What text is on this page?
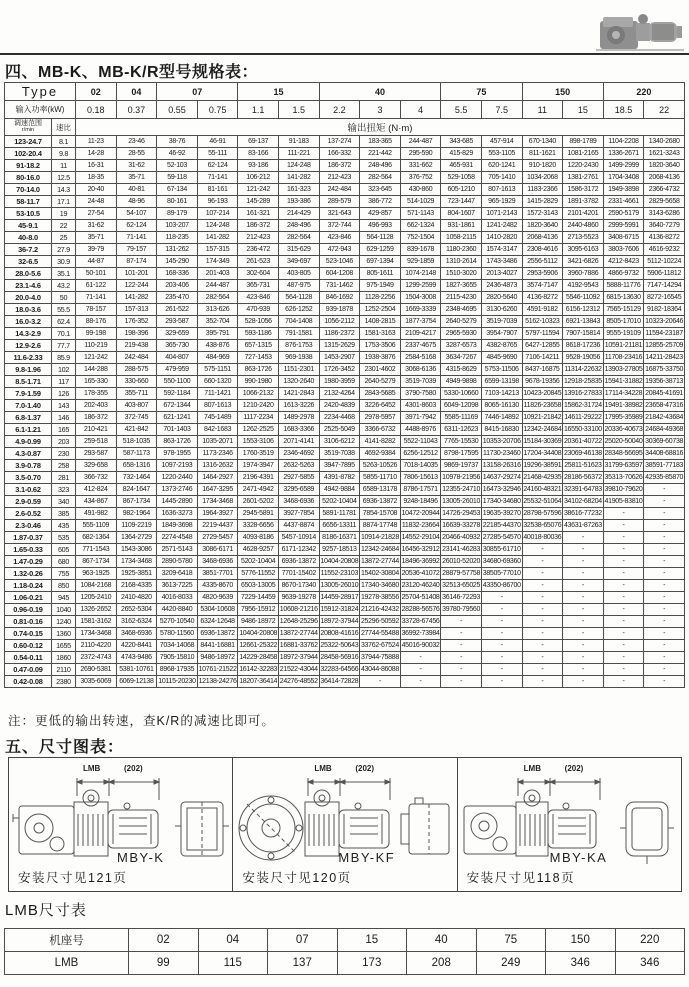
四、MB-K、MB-K/R型号规格表：
Type		02	04	07		15		40			75		150		220	
输入功率(kW)		0.18	0.37	0.55	0.75	1.1	1.5	2.2	3	4	5.5	7.5	11	15	18.5	22

调速范围
r/min	速比	输出扭矩 (N·m)														
123-24.7	8.1	11-23	23-46	38-76	46-91	69-137	91-183	137-274	183-365	244-487	343-685	457-914	670-1340	898-1789	1104-2208	1340-2680
102-20.4	9.8	14-28	28-55	46-92	55-111	83-166	111-221	166-332	221-442	295-590	415-829	553-1105	811-1621	1081-2165	1336-2671	1621-3243
91-18.2	11	16-31	31-62	52-103	62-124	93-186	124-248	186-372	248-496	331-662	465-931	620-1241	910-1820	1220-2430	1499-2999	1820-3640
80-16.0	12.5	18-35	35-71	59-118	71-141	106-212	141-282	212-423	282-564	376-752	529-1058	705-1410	1034-2068	1381-2761	1704-3408	2068-4136
70-14.0	14.3	20-40	40-81	67-134	81-161	121-242	161-323	242-484	323-645	430-860	605-1210	807-1613	1183-2366	1586-3172	1949-3898	2366-4732
58-11.7	17.1	24-48	48-96	80-161	96-193	145-289	193-386	289-579	386-772	514-1029	723-1447	965-1929	1415-2829	1891-3782	2331-4661	2829-5658
53-10.5	19	27-54	54-107	89-179	107-214	161-321	214-429	321-643	429-857	571-1143	804-1607	1071-2143	1572-3143	2101-4201	2590-5179	3143-6286
45-9.1	22	31-62	62-124	103-207	124-248	186-372	248-496	372-744	496-993	662-1324	931-1861	1241-2482	1820-3640	2440-4860	2999-5991	3640-7279
40-8.0	25	35-71	71-141	118-235	141-282	212-423	282-564	423-846	564-1128	752-1504	1058-2115	1410-2820	2068-4136	2713-5523	3408-6715	4136-8272
36-7.2	27.9	39-79	79-157	131-262	157-315	236-472	315-629	472-943	629-1259	839-1678	1180-2360	1574-3147	2308-4616	3095-6163	3803-7606	4616-9232
32-6.5	30.9	44-87	87-174	145-290	174-349	261-523	349-697	523-1046	697-1394	929-1859	1310-2614	1743-3486	2556-5112	3421-6826	4212-8423	5112-10224
28.0-5.6	35.1	50-101	101-201	168-336	201-403	302-604	403-805	604-1208	805-1611	1074-2148	1510-3020	2013-4027	2953-5906	3960-7886	4866-9732	5906-11812
23.1-4.6	43.2	61-122	122-244	203-406	244-487	365-731	487-975	731-1462	975-1949	1299-2599	1827-3655	2436-4873	3574-7147	4192-9543	5888-11776	7147-14294
20.0-4.0	50	71-141	141-282	235-470	282-564	423-846	564-1128	846-1692	1128-2256	1504-3008	2115-4230	2820-5640	4136-8272	5546-11092	6815-13630	8272-16545
18.0-3.6	55.5	78-157	157-313	261-522	313-626	470-939	626-1252	939-1878	1252-2504	1669-3339	2348-4695	3130-6260	4591-9182	6156-12312	7565-15129	9182-18364
16.0-3.2	62.4	88-176	176-352	293-587	352-704	528-1056	704-1408	1056-2112	1408-2815	1877-3754	2640-5279	3519-7039	5162-10323	6921-13843	8505-17010	10323-20646
14.3-2.9	70.1	99-198	198-396	329-659	395-791	593-1186	791-1581	1186-2372	1581-3163	2109-4217	2965-5930	3954-7907	5797-11594	7907-15814	9555-19109	11594-23187
12.9-2.6	77.7	110-219	219-438	365-730	438-876	657-1315	876-1753	1315-2629	1753-3506	2337-4675	3287-6573	4382-8765	6427-12855	8618-17236	10591-21181	12855-25709
11.6-2.33	85.9	121-242	242-484	404-807	484-969	727-1453	969-1938	1453-2907	1938-3876	2584-5168	3634-7267	4845-9690	7106-14211	9528-19056	11708-23416	14211-28423
9.8-1.96	102	144-288	288-575	479-959	575-1151	863-1726	1151-2301	1726-3452	2301-4602	3068-6136	4315-8629	5753-11506	8437-16875	11314-22632	13903-27805	16875-33750
8.5-1.71	117	165-330	330-660	550-1100	660-1320	990-1980	1320-2640	1980-3959	2640-5279	3519-7039	4949-9898	6599-13198	9678-19356	12918-25835	15941-31882	19356-38713
7.9-1.59	126	178-355	355-711	592-1184	711-1421	1066-2132	1421-2843	2132-4264	2843-5685	3790-7580	5330-10660	7103-14213	10423-20845	13916-27833	17114-34228	20845-41691
7.0-1.40	143	202-403	403-807	672-1344	807-1613	1210-2420	1613-3226	2420-4839	3226-6452	4301-8603	6049-12098	8065-16130	11826-23658	15862-31724	19491-38982	23658-47316
6.8-1.37	146	186-372	372-745	621-1241	745-1489	1117-2234	1489-2978	2234-4468	2978-5957	3971-7942	5585-11169	7446-14892	10921-21842	14611-29222	17995-35989	21842-43684
6.1-1.21	165	210-421	421-842	701-1403	842-1683	1262-2525	1683-3366	2525-5049	3366-6732	4488-8976	6311-12623	8415-16830	12342-24684	16550-33100	20336-40673	24684-49368
4.9-0.99	203	259-518	518-1035	863-1726	1035-2071	1553-3106	2071-4141	3106-6212	4141-8282	5522-11043	7765-15530	10353-20706	15184-30369	20361-40722	25020-50040	30369-60738
4.3-0.87	230	293-587	587-1173	978-1955	1173-2346	1760-3519	2346-4692	3519-7038	4692-9384	6256-12512	8798-17595	11730-23460	17204-34408	23069-46138	28348-56695	34408-68816
3.9-0.78	258	329-658	658-1316	1097-2193	1316-2632	1974-3947	2632-5263	3947-7895	5263-10526	7018-14035	9869-19737	13158-26316	19296-38591	25811-51623	31799-63597	38591-77183
3.5-0.70	281	366-732	732-1464	1220-2440	1464-2927	2196-4391	2927-5855	4391-8782	5855-11710	7806-15613	10978-21956	14637-29274	21468-42935	28186-56372	35313-70626	42935-85870
3.1-0.62	323	412-824	824-1647	1373-2746	1647-3295	2471-4942	3295-6589	4942-9884	6589-13178	8786-17571	12355-24710	16473-32946	24160-48321	32391-64783	39810-79620	-
2.9-0.59	340	434-867	867-1734	1445-2890	1734-3468	2601-5202	3468-6936	5202-10404	6936-13872	9248-18496	13005-26010	17340-34680	25532-51064	34102-68204	41905-83810	-
2.6-0.52	385	491-982	982-1964	1636-3273	1964-3927	2945-5891	3927-7854	5891-11781	7854-15708	10472-20944	14726-29453	19635-39270	28798-57596	38616-77232	-	-
2.3-0.46	435	555-1109	1109-2219	1849-3698	2219-4437	3328-6656	4437-8874	6656-13311	8874-17748	11832-23664	16639-33278	22185-44370	32538-65076	43631-87263	-	-
1.87-0.37	535	682-1364	1364-2729	2274-4548	2729-5457	4093-8186	5457-10914	8186-16371	10914-21828	14552-29104	20466-40932	27285-54570	40018-80036	-	-	-
1.65-0.33	605	771-1543	1543-3086	2571-5143	3086-6171	4628-9257	6171-12342	9257-18513	12342-24684	16456-32912	23141-46283	30855-61710	-	-	-	-
1.47-0.29	680	867-1734	1734-3468	2890-5780	3468-6936	5202-10404	6936-13872	10404-20808	13872-27744	18496-36992	26010-52020	34680-69360	-	-	-	-
1.32-0.26	755	963-1925	1925-3851	3209-6418	3851-7701	5776-11552	7701-15402	11552-23103	15402-30804	20536-41072	28879-57758	38505-77010	-	-	-	-
1.18-0.24	850	1084-2168	2168-4335	3613-7225	4335-8670	6503-13005	8670-17340	13005-26010	17340-34680	23120-46240	32513-65025	43350-86700	-	-	-	-
1.06-0.21	945	1205-2410	2410-4820	4016-8033	4820-9639	7229-14459	9639-19278	14459-28917	19278-38556	25704-51408	36146-72293	-	-	-	-	-
0.96-0.19	1040	1326-2652	2652-5304	4420-8840	5304-10608	7956-15912	10608-21216	15912-31824	21216-42432	28288-56576	39780-79560	-	-	-	-	-
0.81-0.16	1240	1581-3162	3162-6324	5270-10540	6324-12648	9486-18972	12648-25296	18972-37944	25296-50592	33728-67456	-	-	-	-	-	-
0.74-0.15	1360	1734-3468	3468-6936	5780-11560	6936-13872	10404-20808	13872-27744	20808-41616	27744-55488	36992-73984	-	-	-	-	-	-
0.60-0.12	1655	2110-4220	4220-8441	7034-14068	8441-16881	12661-25322	16881-33762	25322-50643	33762-67524	45016-90032	-	-	-	-	-	-
0.54-0.11	1860	2372-4743	4743-9486	7905-15810	9486-18972	14229-28458	18972-37944	28458-56916	37944-75888	-	-	-	-	-	-	-
0.47-0.09	2110	2690-5381	5381-10761	8968-17935	10761-21522	16142-32283	21522-43044	32283-64566	43044-86088	-	-	-	-	-	-	-
0.42-0.08	2380	3035-6069	6069-12138	10115-20230	12138-24276	18207-36414	24276-48552	36414-72828	-	-	-	-	-	-	-	-
注：更低的输出转速，查K/R的减速比即可。
五、尺寸图表：
LMB	(202)
MBY-K
安装尺寸见121页
LMB	(202)
MBY-KF
安装尺寸见120页
LMB	(202)
MBY-KA
安装尺寸见118页
LMB尺寸表
机座号	02	04	07	15	40	75	150	220
LMB	99	115	137	173	208	249	346	346
